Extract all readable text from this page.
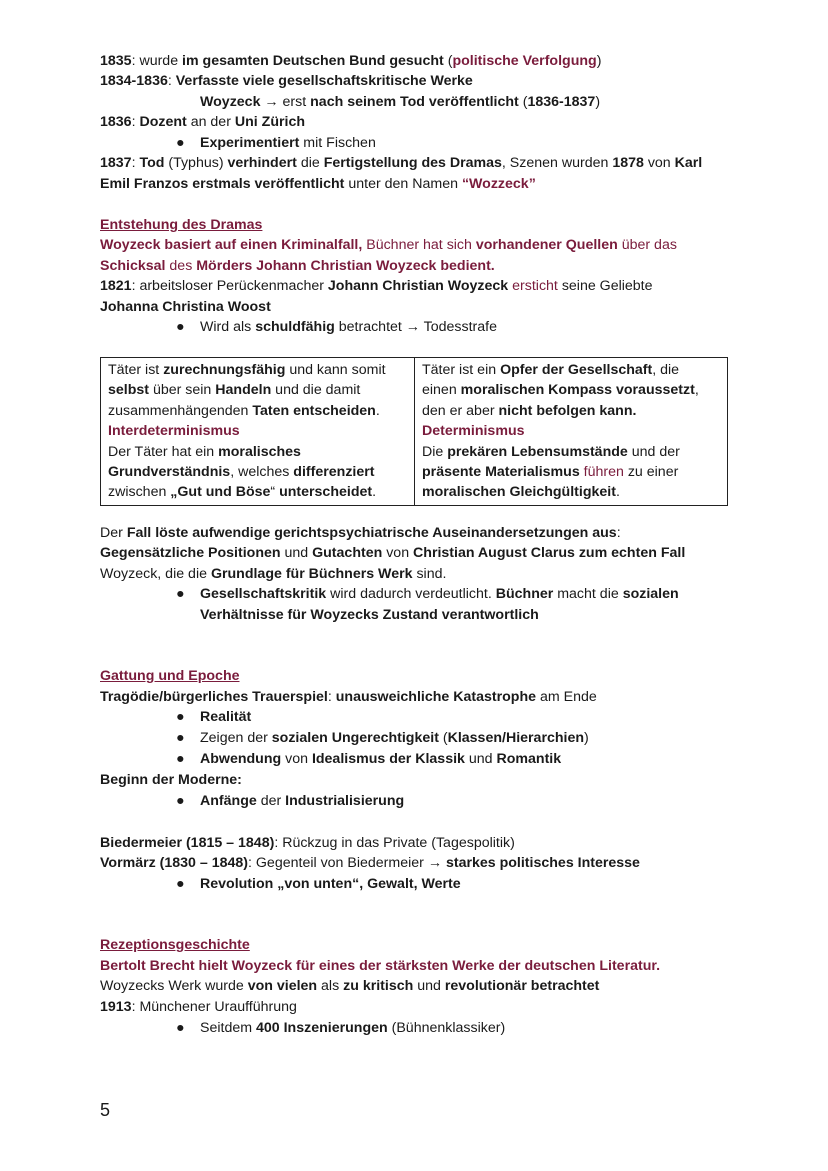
1835: wurde im gesamten Deutschen Bund gesucht (politische Verfolgung)
1834-1836: Verfasste viele gesellschaftskritische Werke
Woyzeck → erst nach seinem Tod veröffentlicht (1836-1837)
1836: Dozent an der Uni Zürich
● Experimentiert mit Fischen
1837: Tod (Typhus) verhindert die Fertigstellung des Dramas, Szenen wurden 1878 von Karl
Emil Franzos erstmals veröffentlicht unter den Namen “Wozzeck”
Entstehung des Dramas
Woyzeck basiert auf einen Kriminalfall, Büchner hat sich vorhandener Quellen über das
Schicksal des Mörders Johann Christian Woyzeck bedient.
1821: arbeitsloser Perückenmacher Johann Christian Woyzeck ersticht seine Geliebte
Johanna Christina Woost
● Wird als schuldfähig betrachtet → Todesstrafe
Täter ist zurechnungsfähig und kann somit
selbst über sein Handeln und die damit
zusammenhängenden Taten entscheiden.
Interdeterminismus
Der Täter hat ein moralisches
Grundverständnis, welches differenziert
zwischen „Gut und Böse“ unterscheidet.

Täter ist ein Opfer der Gesellschaft, die
einen moralischen Kompass voraussetzt,
den er aber nicht befolgen kann.
Determinismus
Die prekären Lebensumstände und der
präsente Materialismus führen zu einer
moralischen Gleichgültigkeit.
Der Fall löste aufwendige gerichtspsychiatrische Auseinandersetzungen aus:
Gegensätzliche Positionen und Gutachten von Christian August Clarus zum echten Fall
Woyzeck, die die Grundlage für Büchners Werk sind.
● Gesellschaftskritik wird dadurch verdeutlicht. Büchner macht die sozialen
Verhältnisse für Woyzecks Zustand verantwortlich
Gattung und Epoche
Tragödie/bürgerliches Trauerspiel: unausweichliche Katastrophe am Ende
● Realität
● Zeigen der sozialen Ungerechtigkeit (Klassen/Hierarchien)
● Abwendung von Idealismus der Klassik und Romantik
Beginn der Moderne:
● Anfänge der Industrialisierung
Biedermeier (1815 – 1848): Rückzug in das Private (Tagespolitik)
Vormärz (1830 – 1848): Gegenteil von Biedermeier → starkes politisches Interesse
● Revolution „von unten“, Gewalt, Werte
Rezeptionsgeschichte
Bertolt Brecht hielt Woyzeck für eines der stärksten Werke der deutschen Literatur.
Woyzecks Werk wurde von vielen als zu kritisch und revolutionär betrachtet
1913: Münchener Uraufführung
● Seitdem 400 Inszenierungen (Bühnenklassiker)
5
